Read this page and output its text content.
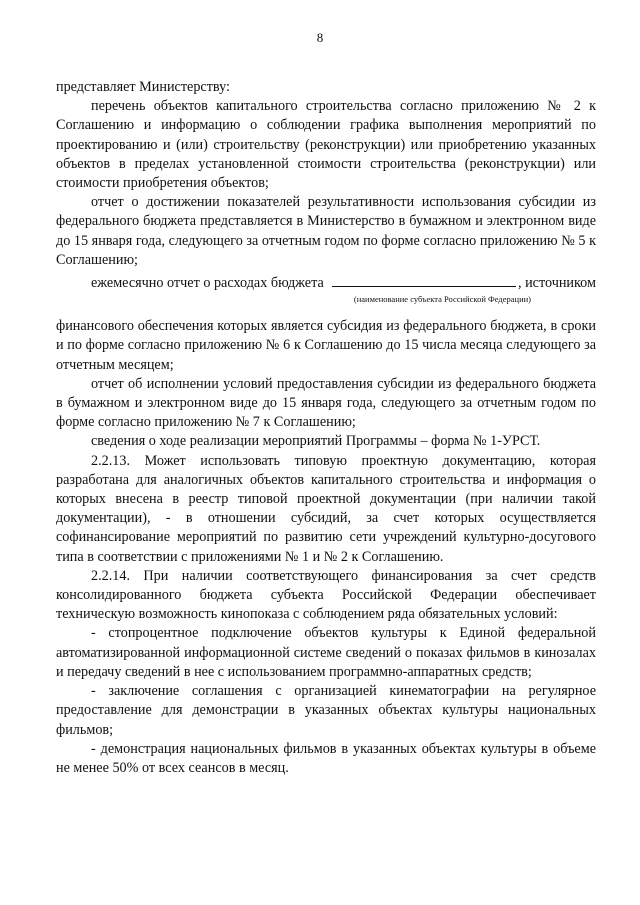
8

представляет Министерству:

перечень объектов капитального строительства согласно приложению № 2 к Соглашению и информацию о соблюдении графика выполнения мероприятий по проектированию и (или) строительству (реконструкции) или приобретению указанных объектов в пределах установленной стоимости строительства (реконструкции) или стоимости приобретения объектов;

отчет о достижении показателей результативности использования субсидии из федерального бюджета представляется в Министерство в бумажном и электронном виде до 15 января года, следующего за отчетным годом по форме согласно приложению № 5 к Соглашению;

ежемесячно отчет о расходах бюджета	, источником
(наименование субъекта Российской Федерации)

финансового обеспечения которых является субсидия из федерального бюджета, в сроки и по форме согласно приложению № 6 к Соглашению до 15 числа месяца следующего за отчетным месяцем;

отчет об исполнении условий предоставления субсидии из федерального бюджета в бумажном и электронном виде до 15 января года, следующего за отчетным годом по форме согласно приложению № 7 к Соглашению;

сведения о ходе реализации мероприятий Программы – форма № 1-УРСТ.

2.2.13. Может использовать типовую проектную документацию, которая разработана для аналогичных объектов капитального строительства и информация о которых внесена в реестр типовой проектной документации (при наличии такой документации), - в отношении субсидий, за счет которых осуществляется софинансирование мероприятий по развитию сети учреждений культурно-досугового типа в соответствии с приложениями № 1 и № 2 к Соглашению.

2.2.14. При наличии соответствующего финансирования за счет средств консолидированного бюджета субъекта Российской Федерации обеспечивает техническую возможность кинопоказа с соблюдением ряда обязательных условий:

- стопроцентное подключение объектов культуры к Единой федеральной автоматизированной информационной системе сведений о показах фильмов в кинозалах и передачу сведений в нее с использованием программно-аппаратных средств;

- заключение соглашения с организацией кинематографии на регулярное предоставление для демонстрации в указанных объектах культуры национальных фильмов;

- демонстрация национальных фильмов в указанных объектах культуры в объеме не менее 50% от всех сеансов в месяц.
